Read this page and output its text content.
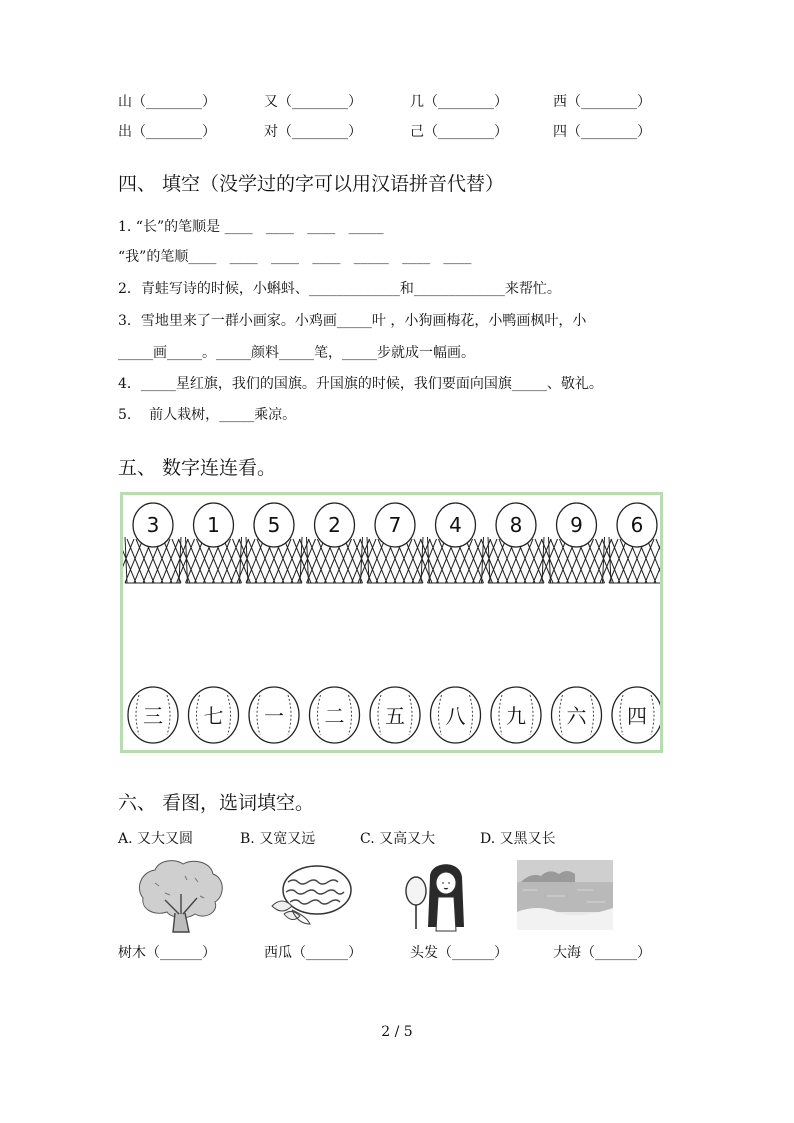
山（________）	又（________）	几（________）	西（________）
出（________）	对（________）	己（________）	四（________）
四、 填空（没学过的字可以用汉语拼音代替）
1. “长”的笔顺是 ____   ____   ____   _____
“我”的笔顺____   ____   ____   ____   _____   ____   ____
2．青蛙写诗的时候，小蝌蚪、_____________和_____________来帮忙。
3．雪地里来了一群小画家。小鸡画_____叶 ，小狗画梅花，小鸭画枫叶，小
_____画_____。_____颜料_____笔，_____步就成一幅画。
4．_____星红旗，我们的国旗。升国旗的时候，我们要面向国旗_____、敬礼。
5.    前人栽树，_____乘凉。
五、 数字连连看。
3 1 5 2 7 4 8 9 6
三 七 一 二 五 八 九 六 四
六、 看图，选词填空。
A. 又大又圆	B. 又宽又远	C. 又高又大	D. 又黑又长
树木（______）	西瓜（______）	头发（______）	大海（______）
2 / 5
